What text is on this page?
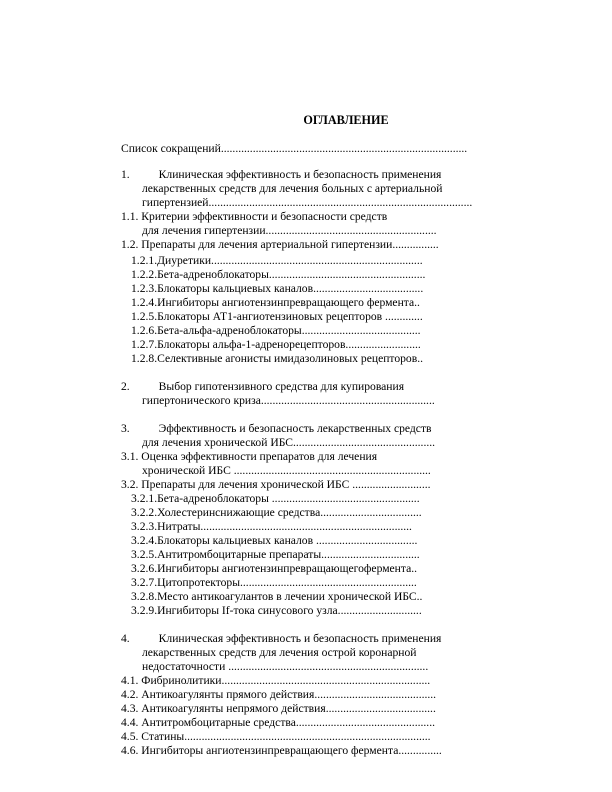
ОГЛАВЛЕНИЕ
Список сокращений.....................................................................................
1.          Клиническая эффективность и безопасность применения
лекарственных средств для лечения больных с артериальной
гипертензией...........................................................................................
1.1. Критерии эффективности и безопасности средств
для лечения гипертензии...........................................................
1.2. Препараты для лечения артериальной гипертензии................
1.2.1.Диуретики.........................................................................
1.2.2.Бета-адреноблокаторы......................................................
1.2.3.Блокаторы кальциевых каналов......................................
1.2.4.Ингибиторы ангиотензинпревращающего фермента..
1.2.5.Блокаторы АТ1-ангиотензиновых рецепторов .............
1.2.6.Бета-альфа-адреноблокаторы.........................................
1.2.7.Блокаторы альфа-1-адренорецепторов..........................
1.2.8.Селективные агонисты имидазолиновых рецепторов..
2.          Выбор гипотензивного средства для купирования
гипертонического криза............................................................
3.          Эффективность и безопасность лекарственных средств
для лечения хронической ИБС.................................................
3.1. Оценка эффективности препаратов для лечения
хронической ИБС ....................................................................
3.2. Препараты для лечения хронической ИБС ...........................
3.2.1.Бета-адреноблокаторы ...................................................
3.2.2.Холестеринснижающие средства...................................
3.2.3.Нитраты.........................................................................
3.2.4.Блокаторы кальциевых каналов ...................................
3.2.5.Антитромбоцитарные препараты..................................
3.2.6.Ингибиторы ангиотензинпревращающегофермента..
3.2.7.Цитопротекторы.............................................................
3.2.8.Место антикоагулантов в лечении хронической ИБС..
3.2.9.Ингибиторы If-тока синусового узла.............................
4.          Клиническая эффективность и безопасность применения
лекарственных средств для лечения острой коронарной
недостаточности .....................................................................
4.1. Фибринолитики........................................................................
4.2. Антикоагулянты прямого действия..........................................
4.3. Антикоагулянты непрямого действия......................................
4.4. Антитромбоцитарные средства................................................
4.5. Статины.....................................................................................
4.6. Ингибиторы ангиотензинпревращающего фермента...............
